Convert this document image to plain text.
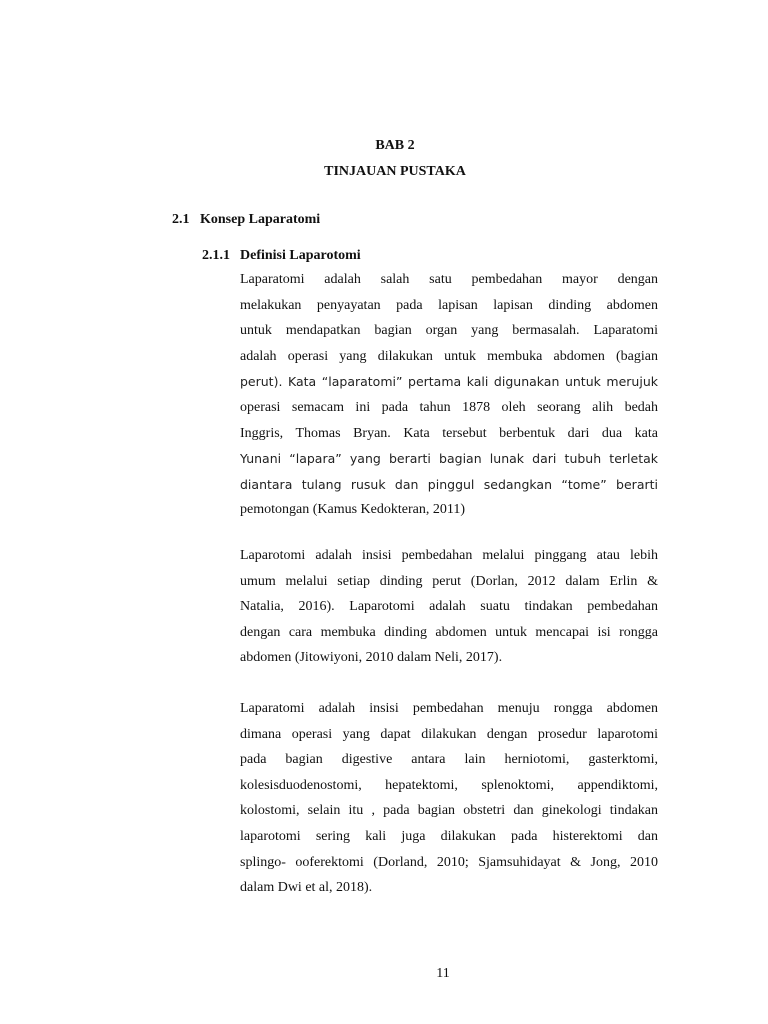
BAB 2
TINJAUAN PUSTAKA
2.1 Konsep Laparatomi
2.1.1 Definisi Laparotomi
Laparatomi adalah salah satu pembedahan mayor dengan
melakukan penyayatan pada lapisan lapisan dinding abdomen
untuk mendapatkan bagian organ yang bermasalah. Laparatomi
adalah operasi yang dilakukan untuk membuka abdomen (bagian
perut). Kata “laparatomi” pertama kali digunakan untuk merujuk
operasi semacam ini pada tahun 1878 oleh seorang alih bedah
Inggris, Thomas Bryan. Kata tersebut berbentuk dari dua kata
Yunani “lapara” yang berarti bagian lunak dari tubuh terletak
diantara tulang rusuk dan pinggul sedangkan “tome” berarti
pemotongan (Kamus Kedokteran, 2011)
Laparotomi adalah insisi pembedahan melalui pinggang atau lebih
umum melalui setiap dinding perut (Dorlan, 2012 dalam Erlin &
Natalia, 2016). Laparotomi adalah suatu tindakan pembedahan
dengan cara membuka dinding abdomen untuk mencapai isi rongga
abdomen (Jitowiyoni, 2010 dalam Neli, 2017).
Laparatomi adalah insisi pembedahan menuju rongga abdomen
dimana operasi yang dapat dilakukan dengan prosedur laparotomi
pada bagian digestive antara lain herniotomi, gasterktomi,
kolesisduodenostomi, hepatektomi, splenoktomi, appendiktomi,
kolostomi, selain itu , pada bagian obstetri dan ginekologi tindakan
laparotomi sering kali juga dilakukan pada histerektomi dan
splingo- ooferektomi (Dorland, 2010; Sjamsuhidayat & Jong, 2010
dalam Dwi et al, 2018).
11
